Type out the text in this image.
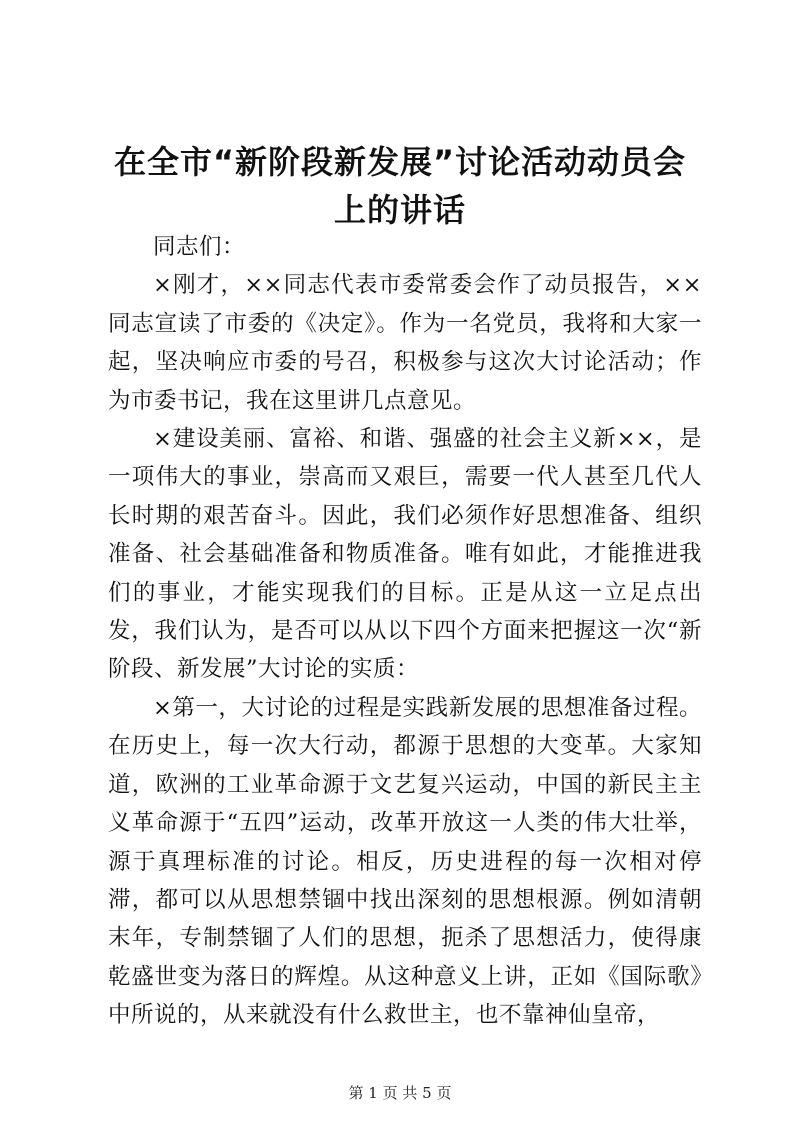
在全市“新阶段新发展”讨论活动动员会上的讲话

同志们：

×刚才，××同志代表市委常委会作了动员报告，××同志宣读了市委的《决定》。作为一名党员，我将和大家一起，坚决响应市委的号召，积极参与这次大讨论活动；作为市委书记，我在这里讲几点意见。

×建设美丽、富裕、和谐、强盛的社会主义新××，是一项伟大的事业，崇高而又艰巨，需要一代人甚至几代人长时期的艰苦奋斗。因此，我们必须作好思想准备、组织准备、社会基础准备和物质准备。唯有如此，才能推进我们的事业，才能实现我们的目标。正是从这一立足点出发，我们认为，是否可以从以下四个方面来把握这一次“新阶段、新发展”大讨论的实质：

×第一，大讨论的过程是实践新发展的思想准备过程。在历史上，每一次大行动，都源于思想的大变革。大家知道，欧洲的工业革命源于文艺复兴运动，中国的新民主主义革命源于“五四”运动，改革开放这一人类的伟大壮举，源于真理标准的讨论。相反，历史进程的每一次相对停滞，都可以从思想禁锢中找出深刻的思想根源。例如清朝末年，专制禁锢了人们的思想，扼杀了思想活力，使得康乾盛世变为落日的辉煌。从这种意义上讲，正如《国际歌》中所说的，从来就没有什么救世主，也不靠神仙皇帝，

第 1 页 共 5 页
